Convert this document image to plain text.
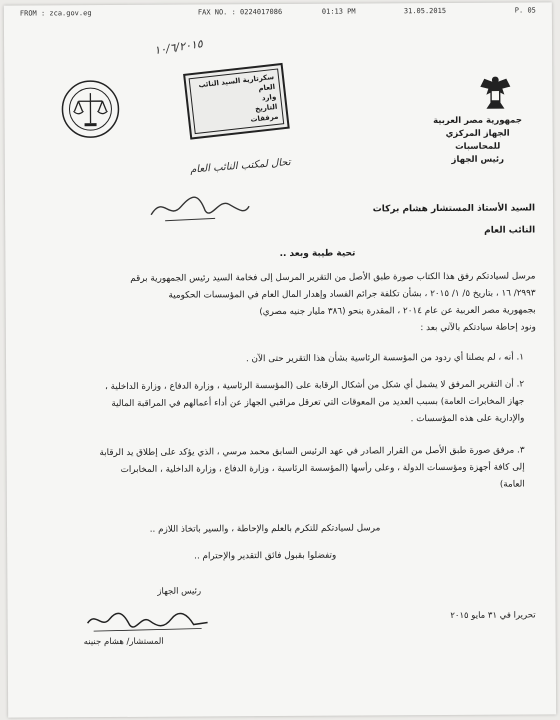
FROM : zca.gov.eg	FAX NO. : 0224017086	01:13 PM	31.05.2015	P. 05
١٠/٦/٢٠١٥
سكرتارية السيد النائب العام
وارد
التاريخ
مرفقات	جمهورية مصر العربية
الجهاز المركزي للمحاسبات
رئيس الجهاز
تحال لمكتب النائب العام
السيد الأستاذ المستشار هشام بركات
النائب العام
تحية طيبة وبعد ..
مرسل لسيادتكم رفق هذا الكتاب صورة طبق الأصل من التقرير المرسل إلى فخامة السيد رئيس الجمهورية برقم
٢٩٩٣/ ١٦ ، بتاريخ ٥/ ١/ ٢٠١٥ ، بشأن تكلفة جرائم الفساد وإهدار المال العام في المؤسسات الحكومية
بجمهورية مصر العربية عن عام ٢٠١٤ ، المقدرة بنحو (٣٨٦ مليار جنيه مصري)
ونود إحاطة سيادتكم بالآتي بعد :
١. أنه ، لم يصلنا أي ردود من المؤسسة الرئاسية بشأن هذا التقرير حتى الآن .
٢. أن التقرير المرفق لا يشمل أي شكل من أشكال الرقابة على (المؤسسة الرئاسية ، وزارة الدفاع ، وزارة الداخلية ،
جهاز المخابرات العامة) بسبب العديد من المعوقات التي تعرقل مراقبي الجهاز عن أداء أعمالهم في المراقبة المالية
والإدارية على هذه المؤسسات .
٣. مرفق صورة طبق الأصل من القرار الصادر في عهد الرئيس السابق محمد مرسي ، الذي يؤكد على إطلاق يد الرقابة
إلى كافة أجهزة ومؤسسات الدولة ، وعلى رأسها (المؤسسة الرئاسية ، وزارة الدفاع ، وزارة الداخلية ، المخابرات
العامة)
مرسل لسيادتكم للتكرم بالعلم والإحاطة ، والسير باتخاذ اللازم ..
وتفضلوا بقبول فائق التقدير والإحترام ..
رئيس الجهاز
المستشار/ هشام جنينه
تحريرا في ٣١ مايو ٢٠١٥
